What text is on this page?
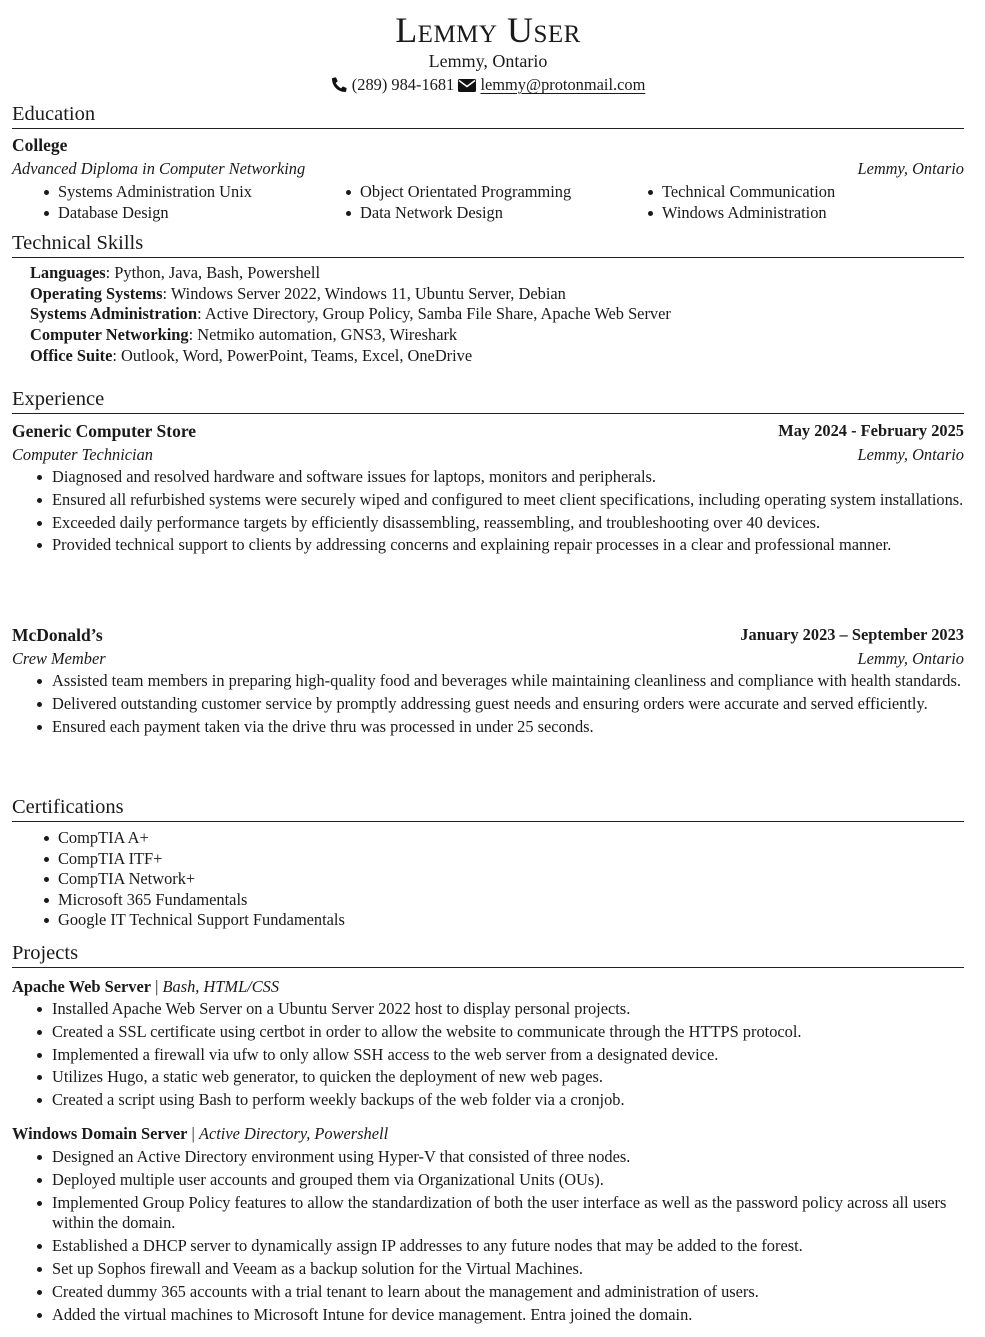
Lemmy User
Lemmy, Ontario
(289) 984-1681 lemmy@protonmail.com
Education
College
Advanced Diploma in Computer Networking	Lemmy, Ontario
Systems Administration Unix
Database Design
Object Orientated Programming
Data Network Design
Technical Communication
Windows Administration
Technical Skills
Languages: Python, Java, Bash, Powershell
Operating Systems: Windows Server 2022, Windows 11, Ubuntu Server, Debian
Systems Administration: Active Directory, Group Policy, Samba File Share, Apache Web Server
Computer Networking: Netmiko automation, GNS3, Wireshark
Office Suite: Outlook, Word, PowerPoint, Teams, Excel, OneDrive
Experience
Generic Computer Store	May 2024 - February 2025
Computer Technician	Lemmy, Ontario
Diagnosed and resolved hardware and software issues for laptops, monitors and peripherals.
Ensured all refurbished systems were securely wiped and configured to meet client specifications, including operating system installations.
Exceeded daily performance targets by efficiently disassembling, reassembling, and troubleshooting over 40 devices.
Provided technical support to clients by addressing concerns and explaining repair processes in a clear and professional manner.
McDonald’s	January 2023 – September 2023
Crew Member	Lemmy, Ontario
Assisted team members in preparing high-quality food and beverages while maintaining cleanliness and compliance with health standards.
Delivered outstanding customer service by promptly addressing guest needs and ensuring orders were accurate and served efficiently.
Ensured each payment taken via the drive thru was processed in under 25 seconds.
Certifications
CompTIA A+
CompTIA ITF+
CompTIA Network+
Microsoft 365 Fundamentals
Google IT Technical Support Fundamentals
Projects
Apache Web Server | Bash, HTML/CSS
Installed Apache Web Server on a Ubuntu Server 2022 host to display personal projects.
Created a SSL certificate using certbot in order to allow the website to communicate through the HTTPS protocol.
Implemented a firewall via ufw to only allow SSH access to the web server from a designated device.
Utilizes Hugo, a static web generator, to quicken the deployment of new web pages.
Created a script using Bash to perform weekly backups of the web folder via a cronjob.
Windows Domain Server | Active Directory, Powershell
Designed an Active Directory environment using Hyper-V that consisted of three nodes.
Deployed multiple user accounts and grouped them via Organizational Units (OUs).
Implemented Group Policy features to allow the standardization of both the user interface as well as the password policy across all users within the domain.
Established a DHCP server to dynamically assign IP addresses to any future nodes that may be added to the forest.
Set up Sophos firewall and Veeam as a backup solution for the Virtual Machines.
Created dummy 365 accounts with a trial tenant to learn about the management and administration of users.
Added the virtual machines to Microsoft Intune for device management. Entra joined the domain.
